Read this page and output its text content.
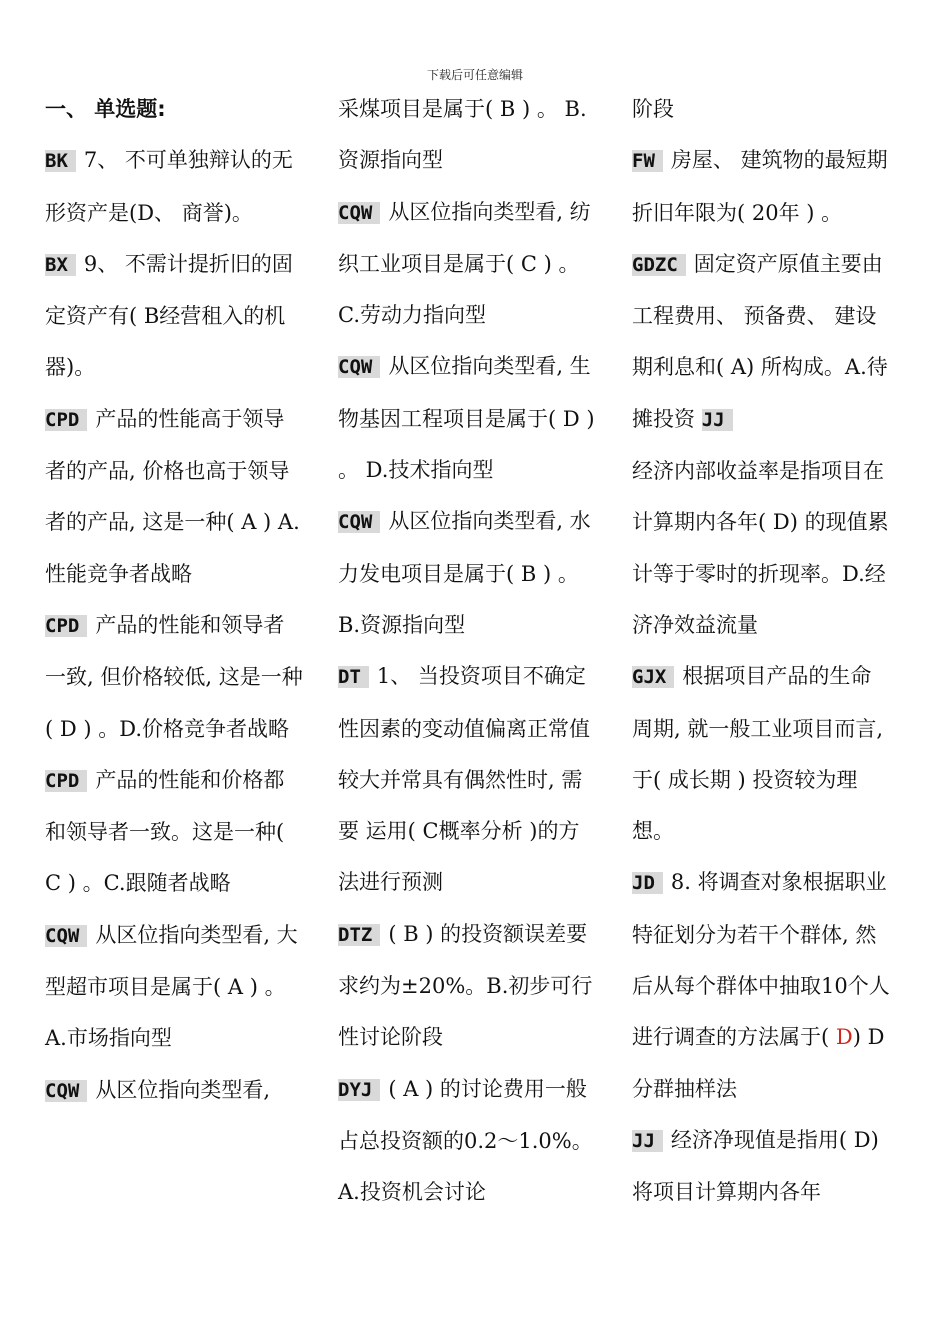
下载后可任意编辑

一、 单选题:

BK 7、 不可单独辩认的无形资产是(D、 商誉)。

BX 9、 不需计提折旧的固定资产有( B经营租入的机器)。

CPD 产品的性能高于领导者的产品, 价格也高于领导者的产品, 这是一种( A ) A.性能竞争者战略

CPD 产品的性能和领导者一致, 但价格较低, 这是一种( D ) 。D.价格竞争者战略

CPD 产品的性能和价格都和领导者一致。这是一种( C ) 。C.跟随者战略

CQW 从区位指向类型看, 大型超市项目是属于( A ) 。A.市场指向型

CQW 从区位指向类型看,

采煤项目是属于( B ) 。 B.资源指向型

CQW 从区位指向类型看, 纺织工业项目是属于( C ) 。 C.劳动力指向型

CQW 从区位指向类型看, 生物基因工程项目是属于( D ) 。 D.技术指向型

CQW 从区位指向类型看, 水力发电项目是属于( B ) 。B.资源指向型

DT 1、 当投资项目不确定性因素的变动值偏离正常值较大并常具有偶然性时, 需要 运用( C概率分析 )的方法进行预测

DTZ ( B ) 的投资额误差要求约为±20%。B.初步可行性讨论阶段

DYJ ( A ) 的讨论费用一般占总投资额的0.2～1.0%。A.投资机会讨论

阶段

FW 房屋、 建筑物的最短期折旧年限为( 20年 ) 。

GDZC 固定资产原值主要由工程费用、 预备费、 建设期利息和( A) 所构成。A.待摊投资 JJ

经济内部收益率是指项目在计算期内各年( D) 的现值累计等于零时的折现率。D.经济净效益流量

GJX 根据项目产品的生命周期, 就一般工业项目而言, 于( 成长期 ) 投资较为理想。

JD 8. 将调查对象根据职业特征划分为若干个群体, 然后从每个群体中抽取10个人进行调查的方法属于( D) D 分群抽样法

JJ 经济净现值是指用( D) 将项目计算期内各年
